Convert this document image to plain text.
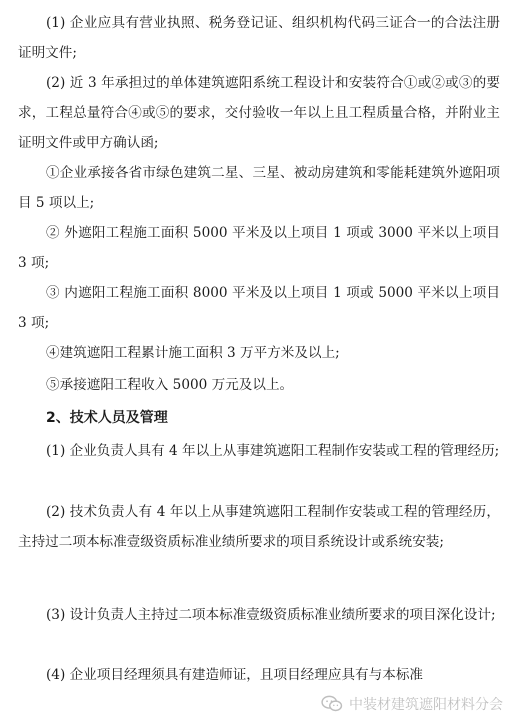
(1) 企业应具有营业执照、税务登记证、组织机构代码三证合一的合法注册证明文件;

(2) 近 3 年承担过的单体建筑遮阳系统工程设计和安装符合①或②或③的要求，工程总量符合④或⑤的要求，交付验收一年以上且工程质量合格，并附业主证明文件或甲方确认函;

①企业承接各省市绿色建筑二星、三星、被动房建筑和零能耗建筑外遮阳项目 5 项以上;

② 外遮阳工程施工面积 5000 平米及以上项目 1 项或 3000 平米以上项目 3 项;

③ 内遮阳工程施工面积 8000 平米及以上项目 1 项或 5000 平米以上项目 3 项;

④建筑遮阳工程累计施工面积 3 万平方米及以上;

⑤承接遮阳工程收入 5000 万元及以上。

2、技术人员及管理

(1) 企业负责人具有 4 年以上从事建筑遮阳工程制作安装或工程的管理经历;

(2) 技术负责人有 4 年以上从事建筑遮阳工程制作安装或工程的管理经历，主持过二项本标准壹级资质标准业绩所要求的项目系统设计或系统安装;

(3) 设计负责人主持过二项本标准壹级资质标准业绩所要求的项目深化设计;

(4) 企业项目经理须具有建造师证，且项目经理应具有与本标准

中装材建筑遮阳材料分会
